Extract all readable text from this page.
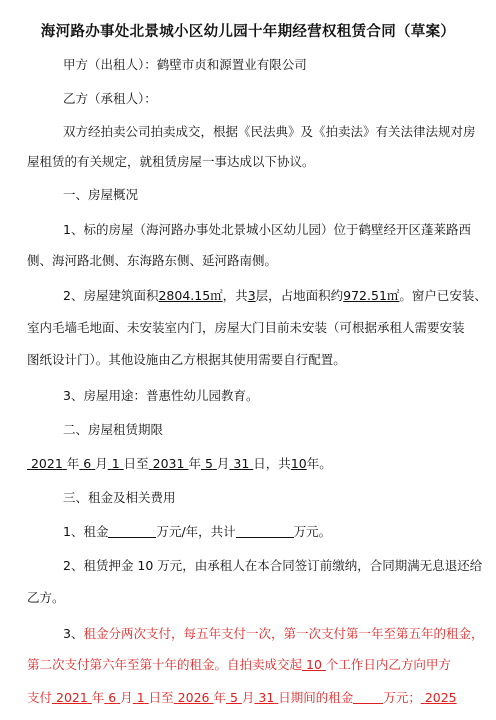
海河路办事处北景城小区幼儿园十年期经营权租赁合同（草案）
甲方（出租人）：鹤壁市贞和源置业有限公司
乙方（承租人）：
双方经拍卖公司拍卖成交，根据《民法典》及《拍卖法》有关法律法规对房
屋租赁的有关规定，就租赁房屋一事达成以下协议。
一、房屋概况
1、标的房屋（海河路办事处北景城小区幼儿园）位于鹤壁经开区蓬莱路西
侧、海河路北侧、东海路东侧、延河路南侧。
2、房屋建筑面积2804.15㎡，共3层，占地面积约972.51㎡。窗户已安装、
室内毛墙毛地面、未安装室内门，房屋大门目前未安装（可根据承租人需要安装
图纸设计门）。其他设施由乙方根据其使用需要自行配置。
3、房屋用途：普惠性幼儿园教育。
二、房屋租赁期限
2021 年 6 月 1 日至 2031 年 5 月 31 日，共10年。
三、租金及相关费用
1、租金	万元/年，共计	万元。
2、租赁押金 10 万元，由承租人在本合同签订前缴纳，合同期满无息退还给
乙方。
3、租金分两次支付，每五年支付一次，第一次支付第一年至第五年的租金，
第二次支付第六年至第十年的租金。自拍卖成交起 10 个工作日内乙方向甲方
支付 2021 年 6 月 1 日至 2026 年 5 月 31 日期间的租金 万元； 2025
